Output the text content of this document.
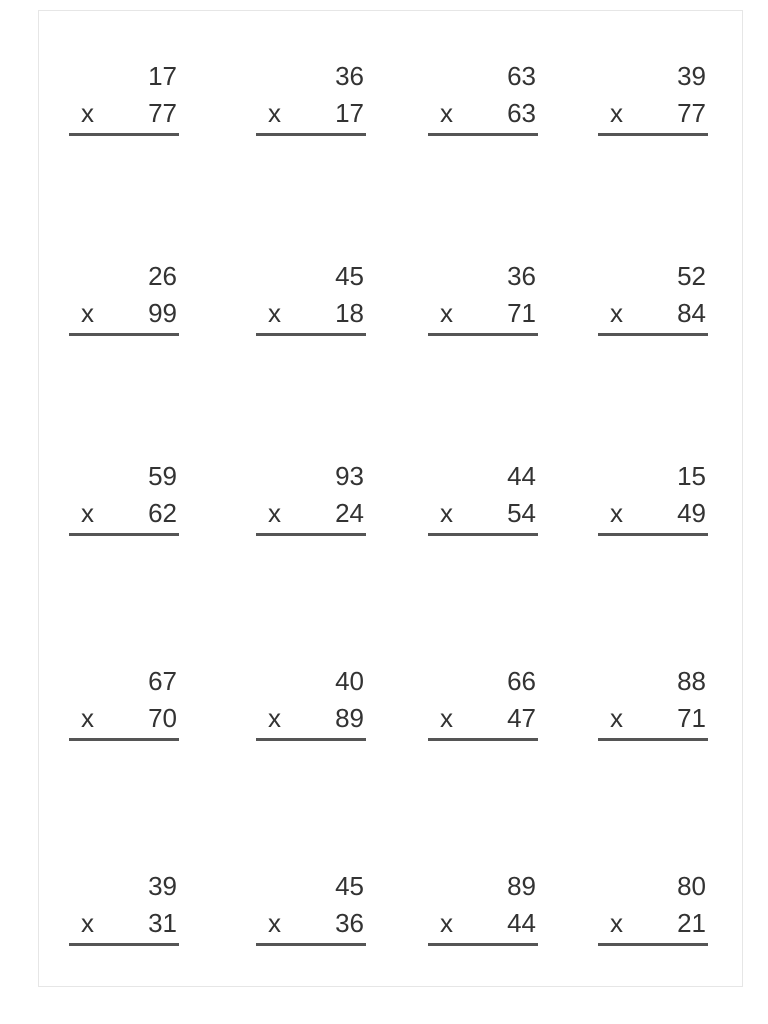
17
x 77
36
x 17
63
x 63
39
x 77
26
x 99
45
x 18
36
x 71
52
x 84
59
x 62
93
x 24
44
x 54
15
x 49
67
x 70
40
x 89
66
x 47
88
x 71
39
x 31
45
x 36
89
x 44
80
x 21
